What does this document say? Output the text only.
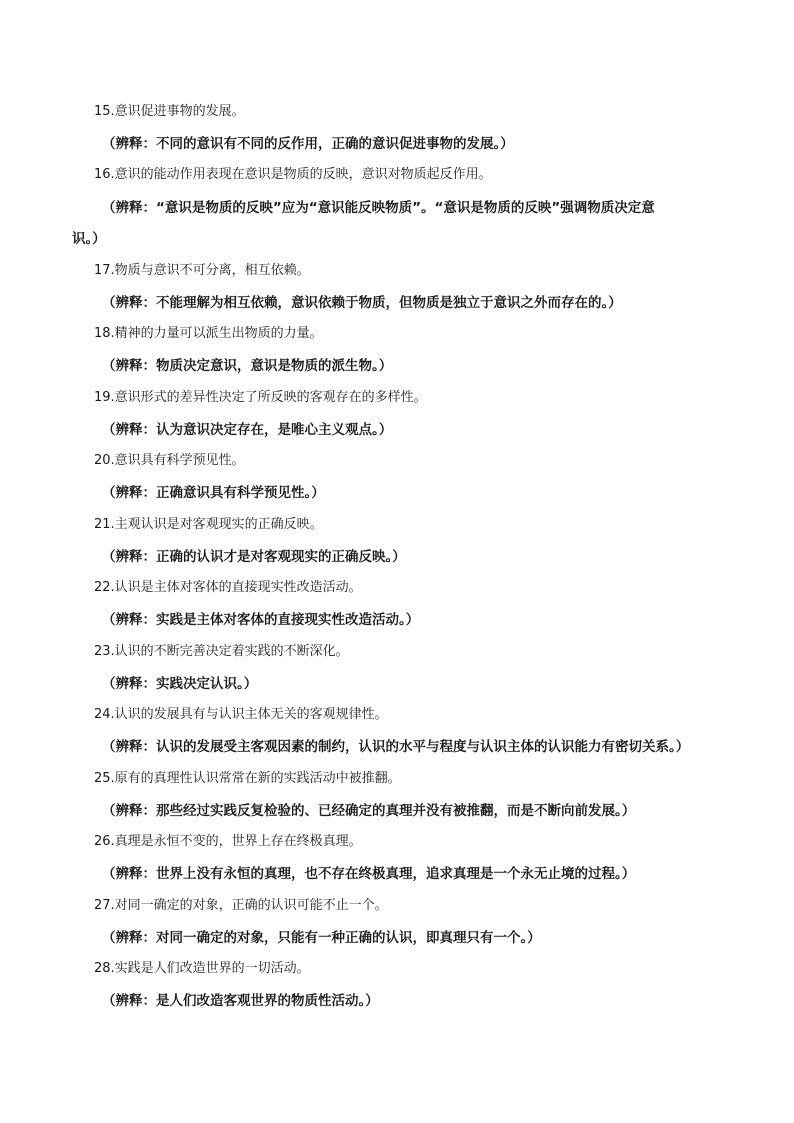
15.意识促进事物的发展。
（辨释：不同的意识有不同的反作用，正确的意识促进事物的发展。）
16.意识的能动作用表现在意识是物质的反映，意识对物质起反作用。
（辨释：“意识是物质的反映”应为“意识能反映物质”。“意识是物质的反映”强调物质决定意
识。）
17.物质与意识不可分离，相互依赖。
（辨释：不能理解为相互依赖，意识依赖于物质，但物质是独立于意识之外而存在的。）
18.精神的力量可以派生出物质的力量。
（辨释：物质决定意识，意识是物质的派生物。）
19.意识形式的差异性决定了所反映的客观存在的多样性。
（辨释：认为意识决定存在，是唯心主义观点。）
20.意识具有科学预见性。
（辨释：正确意识具有科学预见性。）
21.主观认识是对客观现实的正确反映。
（辨释：正确的认识才是对客观现实的正确反映。）
22.认识是主体对客体的直接现实性改造活动。
（辨释：实践是主体对客体的直接现实性改造活动。）
23.认识的不断完善决定着实践的不断深化。
（辨释：实践决定认识。）
24.认识的发展具有与认识主体无关的客观规律性。
（辨释：认识的发展受主客观因素的制约，认识的水平与程度与认识主体的认识能力有密切关系。）
25.原有的真理性认识常常在新的实践活动中被推翻。
（辨释：那些经过实践反复检验的、已经确定的真理并没有被推翻，而是不断向前发展。）
26.真理是永恒不变的，世界上存在终极真理。
（辨释：世界上没有永恒的真理，也不存在终极真理，追求真理是一个永无止境的过程。）
27.对同一确定的对象，正确的认识可能不止一个。
（辨释：对同一确定的对象，只能有一种正确的认识，即真理只有一个。）
28.实践是人们改造世界的一切活动。
（辨释：是人们改造客观世界的物质性活动。）
